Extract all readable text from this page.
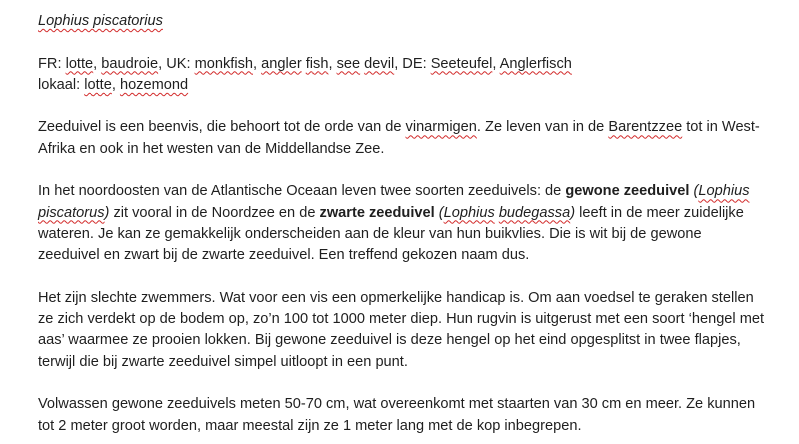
Lophius piscatorius

FR: lotte, baudroie, UK: monkfish, angler fish, see devil, DE: Seeteufel, Anglerfisch

lokaal: lotte, hozemond

Zeeduivel is een beenvis, die behoort tot de orde van de vinarmigen. Ze leven van in de Barentzzee tot in West-Afrika en ook in het westen van de Middellandse Zee.

In het noordoosten van de Atlantische Oceaan leven twee soorten zeeduivels: de gewone zeeduivel (Lophius piscatorus) zit vooral in de Noordzee en de zwarte zeeduivel (Lophius budegassa) leeft in de meer zuidelijke wateren. Je kan ze gemakkelijk onderscheiden aan de kleur van hun buikvlies. Die is wit bij de gewone zeeduivel en zwart bij de zwarte zeeduivel. Een treffend gekozen naam dus.

Het zijn slechte zwemmers. Wat voor een vis een opmerkelijke handicap is. Om aan voedsel te geraken stellen ze zich verdekt op de bodem op, zo’n 100 tot 1000 meter diep. Hun rugvin is uitgerust met een soort ‘hengel met aas’ waarmee ze prooien lokken. Bij gewone zeeduivel is deze hengel op het eind opgesplitst in twee flapjes, terwijl die bij zwarte zeeduivel simpel uitloopt in een punt.

Volwassen gewone zeeduivels meten 50-70 cm, wat overeenkomt met staarten van 30 cm en meer. Ze kunnen tot 2 meter groot worden, maar meestal zijn ze 1 meter lang met de kop inbegrepen.
